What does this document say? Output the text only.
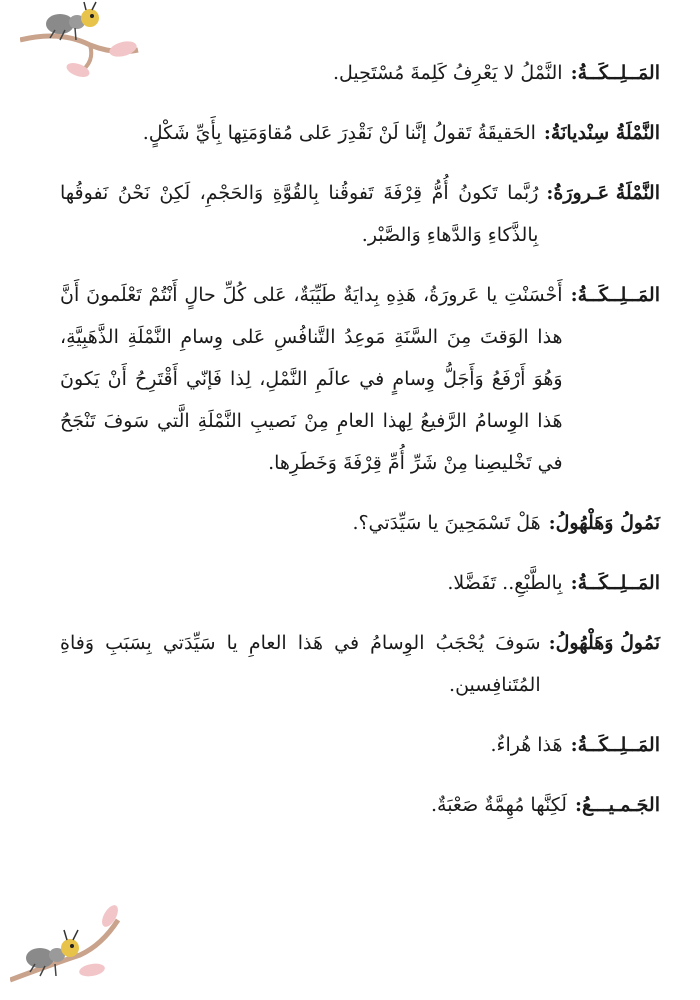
المَــلِــكَــةُ:
النَّمْلُ لا يَعْرِفُ كَلِمةَ مُسْتَحِيل.
النَّمْلَةُ سِنْديانَةُ:
الحَقيقَةُ تَقولُ إنَّنا لَنْ نَقْدِرَ عَلى مُقاوَمَتِها بِأَيِّ شَكْلٍ.
النَّمْلَةُ عَـرورَةُ:
رُبَّما تَكونُ أُمُّ قِرْفَةَ تَفوقُنا بِالقُوَّةِ وَالحَجْمِ، لَكِنْ نَحْنُ نَفوقُها بِالذَّكاءِ وَالدَّهاءِ وَالصَّبْر.
المَــلِــكَــةُ:
أَحْسَنْتِ يا عَرورَةُ، هَذِهِ بِدايَةٌ طَيِّبَةٌ، عَلى كُلِّ حالٍ أَنْتُمْ تَعْلَمونَ أَنَّ هذا الوَقتَ مِنَ السَّنَةِ مَوعِدُ التَّنافُسِ عَلى وِسامِ النَّمْلَةِ الذَّهَبِيَّةِ، وَهُوَ أَرْفَعُ وَأَجَلُّ وِسامٍ في عالَمِ النَّمْلِ، لِذا فَإنّي أَقْتَرِحُ أَنْ يَكونَ هَذا الوِسامُ الرَّفيعُ لِهذا العامِ مِنْ نَصيبِ النَّمْلَةِ الَّتي سَوفَ تَنْجَحُ في تَخْليصِنا مِنْ شَرِّ أُمِّ قِرْفَةَ وَخَطَرِها.
نَمُولُ وَهَلْهُولُ:
هَلْ تَسْمَحِينَ يا سَيِّدَتي؟.
المَــلِــكَــةُ:
بِالطَّبْعِ.. تَفَضَّلا.
نَمُولُ وَهَلْهُولُ:
سَوفَ يُحْجَبُ الوِسامُ في هَذا العامِ يا سَيِّدَتي بِسَبَبِ وَفاةِ المُتَنافِسين.
المَــلِــكَــةُ:
هَذا هُراءٌ.
الجَـمـيـــعُ:
لَكِنَّها مُهِمَّةٌ صَعْبَةٌ.
